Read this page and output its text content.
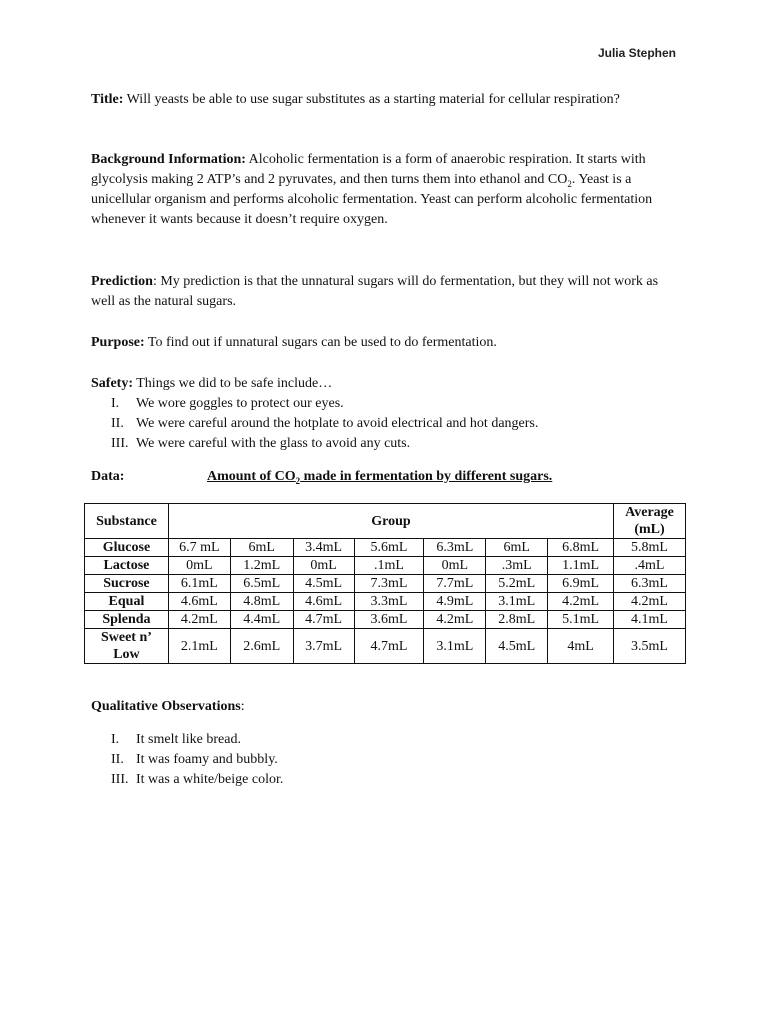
Julia Stephen
Title: Will yeasts be able to use sugar substitutes as a starting material for cellular respiration?
Background Information: Alcoholic fermentation is a form of anaerobic respiration. It starts with glycolysis making 2 ATP’s and 2 pyruvates, and then turns them into ethanol and $CO_2$. Yeast is a unicellular organism and performs alcoholic fermentation. Yeast can perform alcoholic fermentation whenever it wants because it doesn’t require oxygen.
Prediction: My prediction is that the unnatural sugars will do fermentation, but they will not work as well as the natural sugars.
Purpose: To find out if unnatural sugars can be used to do fermentation.
Safety: Things we did to be safe include…
I.	We wore goggles to protect our eyes.
II. We were careful around the hotplate to avoid electrical and hot dangers.
III. We were careful with the glass to avoid any cuts.
Data:	Amount of $CO_2$ made in fermentation by different sugars.
Substance	Group							Average (mL)
Glucose	6.7 mL	6mL	3.4mL	5.6mL	6.3mL	6mL	6.8mL	5.8mL
Lactose	0mL	1.2mL	0mL	.1mL	0mL	.3mL	1.1mL	.4mL
Sucrose	6.1mL	6.5mL	4.5mL	7.3mL	7.7mL	5.2mL	6.9mL	6.3mL
Equal	4.6mL	4.8mL	4.6mL	3.3mL	4.9mL	3.1mL	4.2mL	4.2mL
Splenda	4.2mL	4.4mL	4.7mL	3.6mL	4.2mL	2.8mL	5.1mL	4.1mL
Sweet n’ Low	2.1mL	2.6mL	3.7mL	4.7mL	3.1mL	4.5mL	4mL	3.5mL
Qualitative Observations:
I.	It smelt like bread.
II. It was foamy and bubbly.
III. It was a white/beige color.
